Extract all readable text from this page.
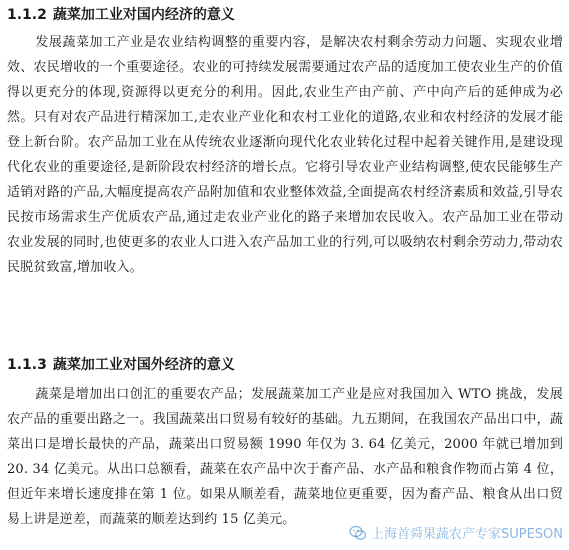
1.1.2 蔬菜加工业对国内经济的意义
发展蔬菜加工产业是农业结构调整的重要内容，是解决农村剩余劳动力问题、实现农业增效、农民增收的一个重要途径。农业的可持续发展需要通过农产品的适度加工使农业生产的价值得以更充分的体现,资源得以更充分的利用。因此,农业生产由产前、产中向产后的延伸成为必然。只有对农产品进行精深加工,走农业产业化和农村工业化的道路,农业和农村经济的发展才能登上新台阶。农产品加工业在从传统农业逐渐向现代化农业转化过程中起着关键作用,是建设现代化农业的重要途径,是新阶段农村经济的增长点。它将引导农业产业结构调整,使农民能够生产适销对路的产品,大幅度提高农产品附加值和农业整体效益,全面提高农村经济素质和效益,引导农民按市场需求生产优质农产品,通过走农业产业化的路子来增加农民收入。农产品加工业在带动农业发展的同时,也使更多的农业人口进入农产品加工业的行列,可以吸纳农村剩余劳动力,带动农民脱贫致富,增加收入。
1.1.3 蔬菜加工业对国外经济的意义
蔬菜是增加出口创汇的重要农产品；发展蔬菜加工产业是应对我国加入 WTO 挑战，发展农产品的重要出路之一。我国蔬菜出口贸易有较好的基础。九五期间，在我国农产品出口中，蔬菜出口是增长最快的产品，蔬菜出口贸易额 1990 年仅为 3. 64 亿美元，2000 年就已增加到 20. 34 亿美元。从出口总额看，蔬菜在农产品中次于畜产品、水产品和粮食作物而占第 4 位，但近年来增长速度排在第 1 位。如果从顺差看，蔬菜地位更重要，因为畜产品、粮食从出口贸易上讲是逆差，而蔬菜的顺差达到约 15 亿美元。
上海首舜果蔬农产专家SUPESON
